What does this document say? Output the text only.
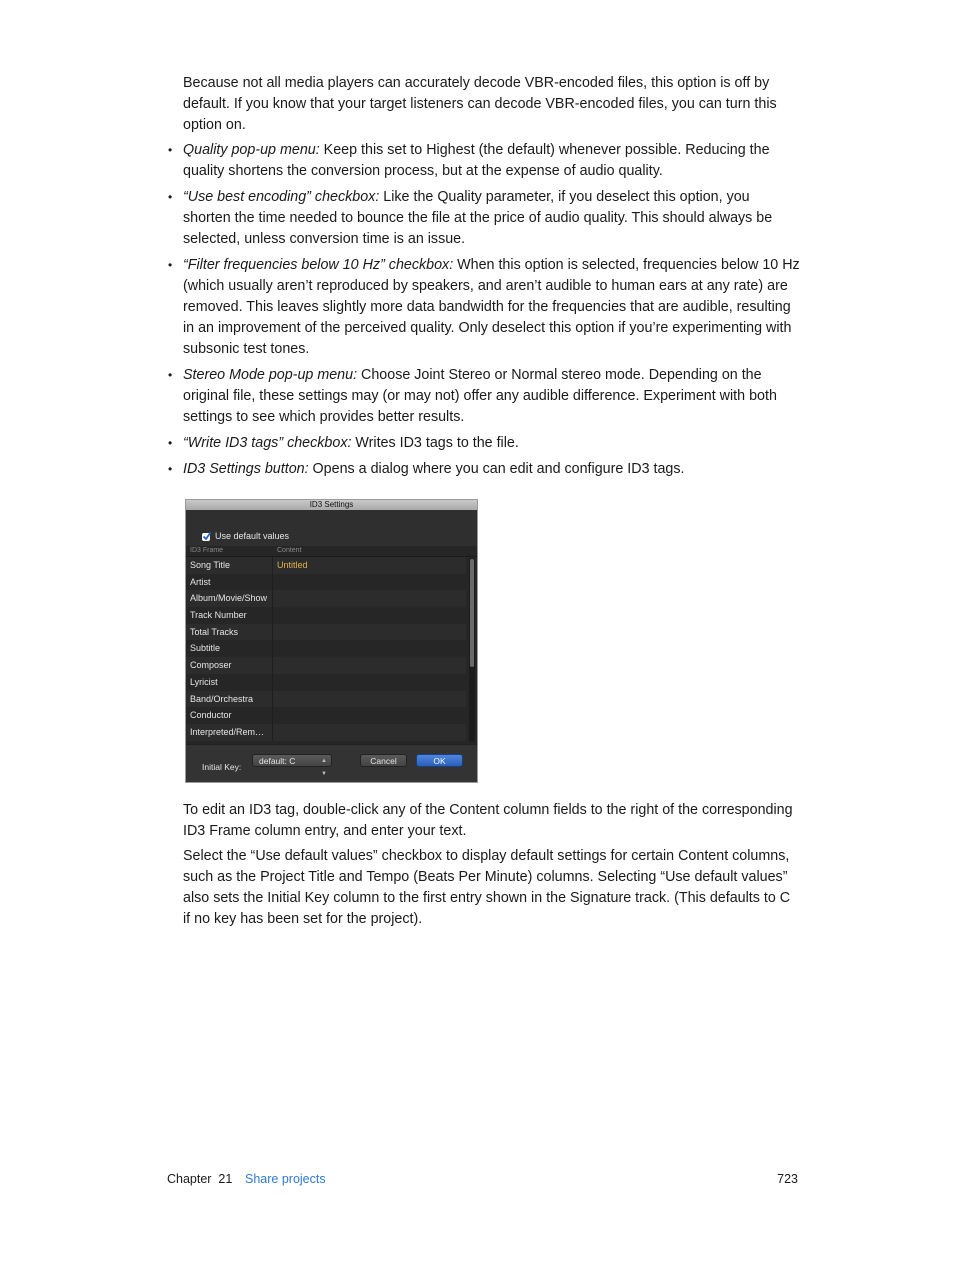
Because not all media players can accurately decode VBR-encoded files, this option is off by default. If you know that your target listeners can decode VBR-encoded files, you can turn this option on.

• Quality pop-up menu: Keep this set to Highest (the default) whenever possible. Reducing the quality shortens the conversion process, but at the expense of audio quality.
• “Use best encoding” checkbox: Like the Quality parameter, if you deselect this option, you shorten the time needed to bounce the file at the price of audio quality. This should always be selected, unless conversion time is an issue.
• “Filter frequencies below 10 Hz” checkbox: When this option is selected, frequencies below 10 Hz (which usually aren’t reproduced by speakers, and aren’t audible to human ears at any rate) are removed. This leaves slightly more data bandwidth for the frequencies that are audible, resulting in an improvement of the perceived quality. Only deselect this option if you’re experimenting with subsonic test tones.
• Stereo Mode pop-up menu: Choose Joint Stereo or Normal stereo mode. Depending on the original file, these settings may (or may not) offer any audible difference. Experiment with both settings to see which provides better results.
• “Write ID3 tags” checkbox: Writes ID3 tags to the file.
• ID3 Settings button: Opens a dialog where you can edit and configure ID3 tags.
ID3 Settings
Use default values
ID3 Frame	Content
Song Title	Untitled
Artist
Album/Movie/Show
Track Number
Total Tracks
Subtitle
Composer
Lyricist
Band/Orchestra
Conductor
Interpreted/Rem…
Initial Key:
default: C	▲
▼
Cancel	OK

To edit an ID3 tag, double-click any of the Content column fields to the right of the corresponding ID3 Frame column entry, and enter your text.

Select the “Use default values” checkbox to display default settings for certain Content columns, such as the Project Title and Tempo (Beats Per Minute) columns. Selecting “Use default values” also sets the Initial Key column to the first entry shown in the Signature track. (This defaults to C if no key has been set for the project).

Chapter  21 Share projects	723
